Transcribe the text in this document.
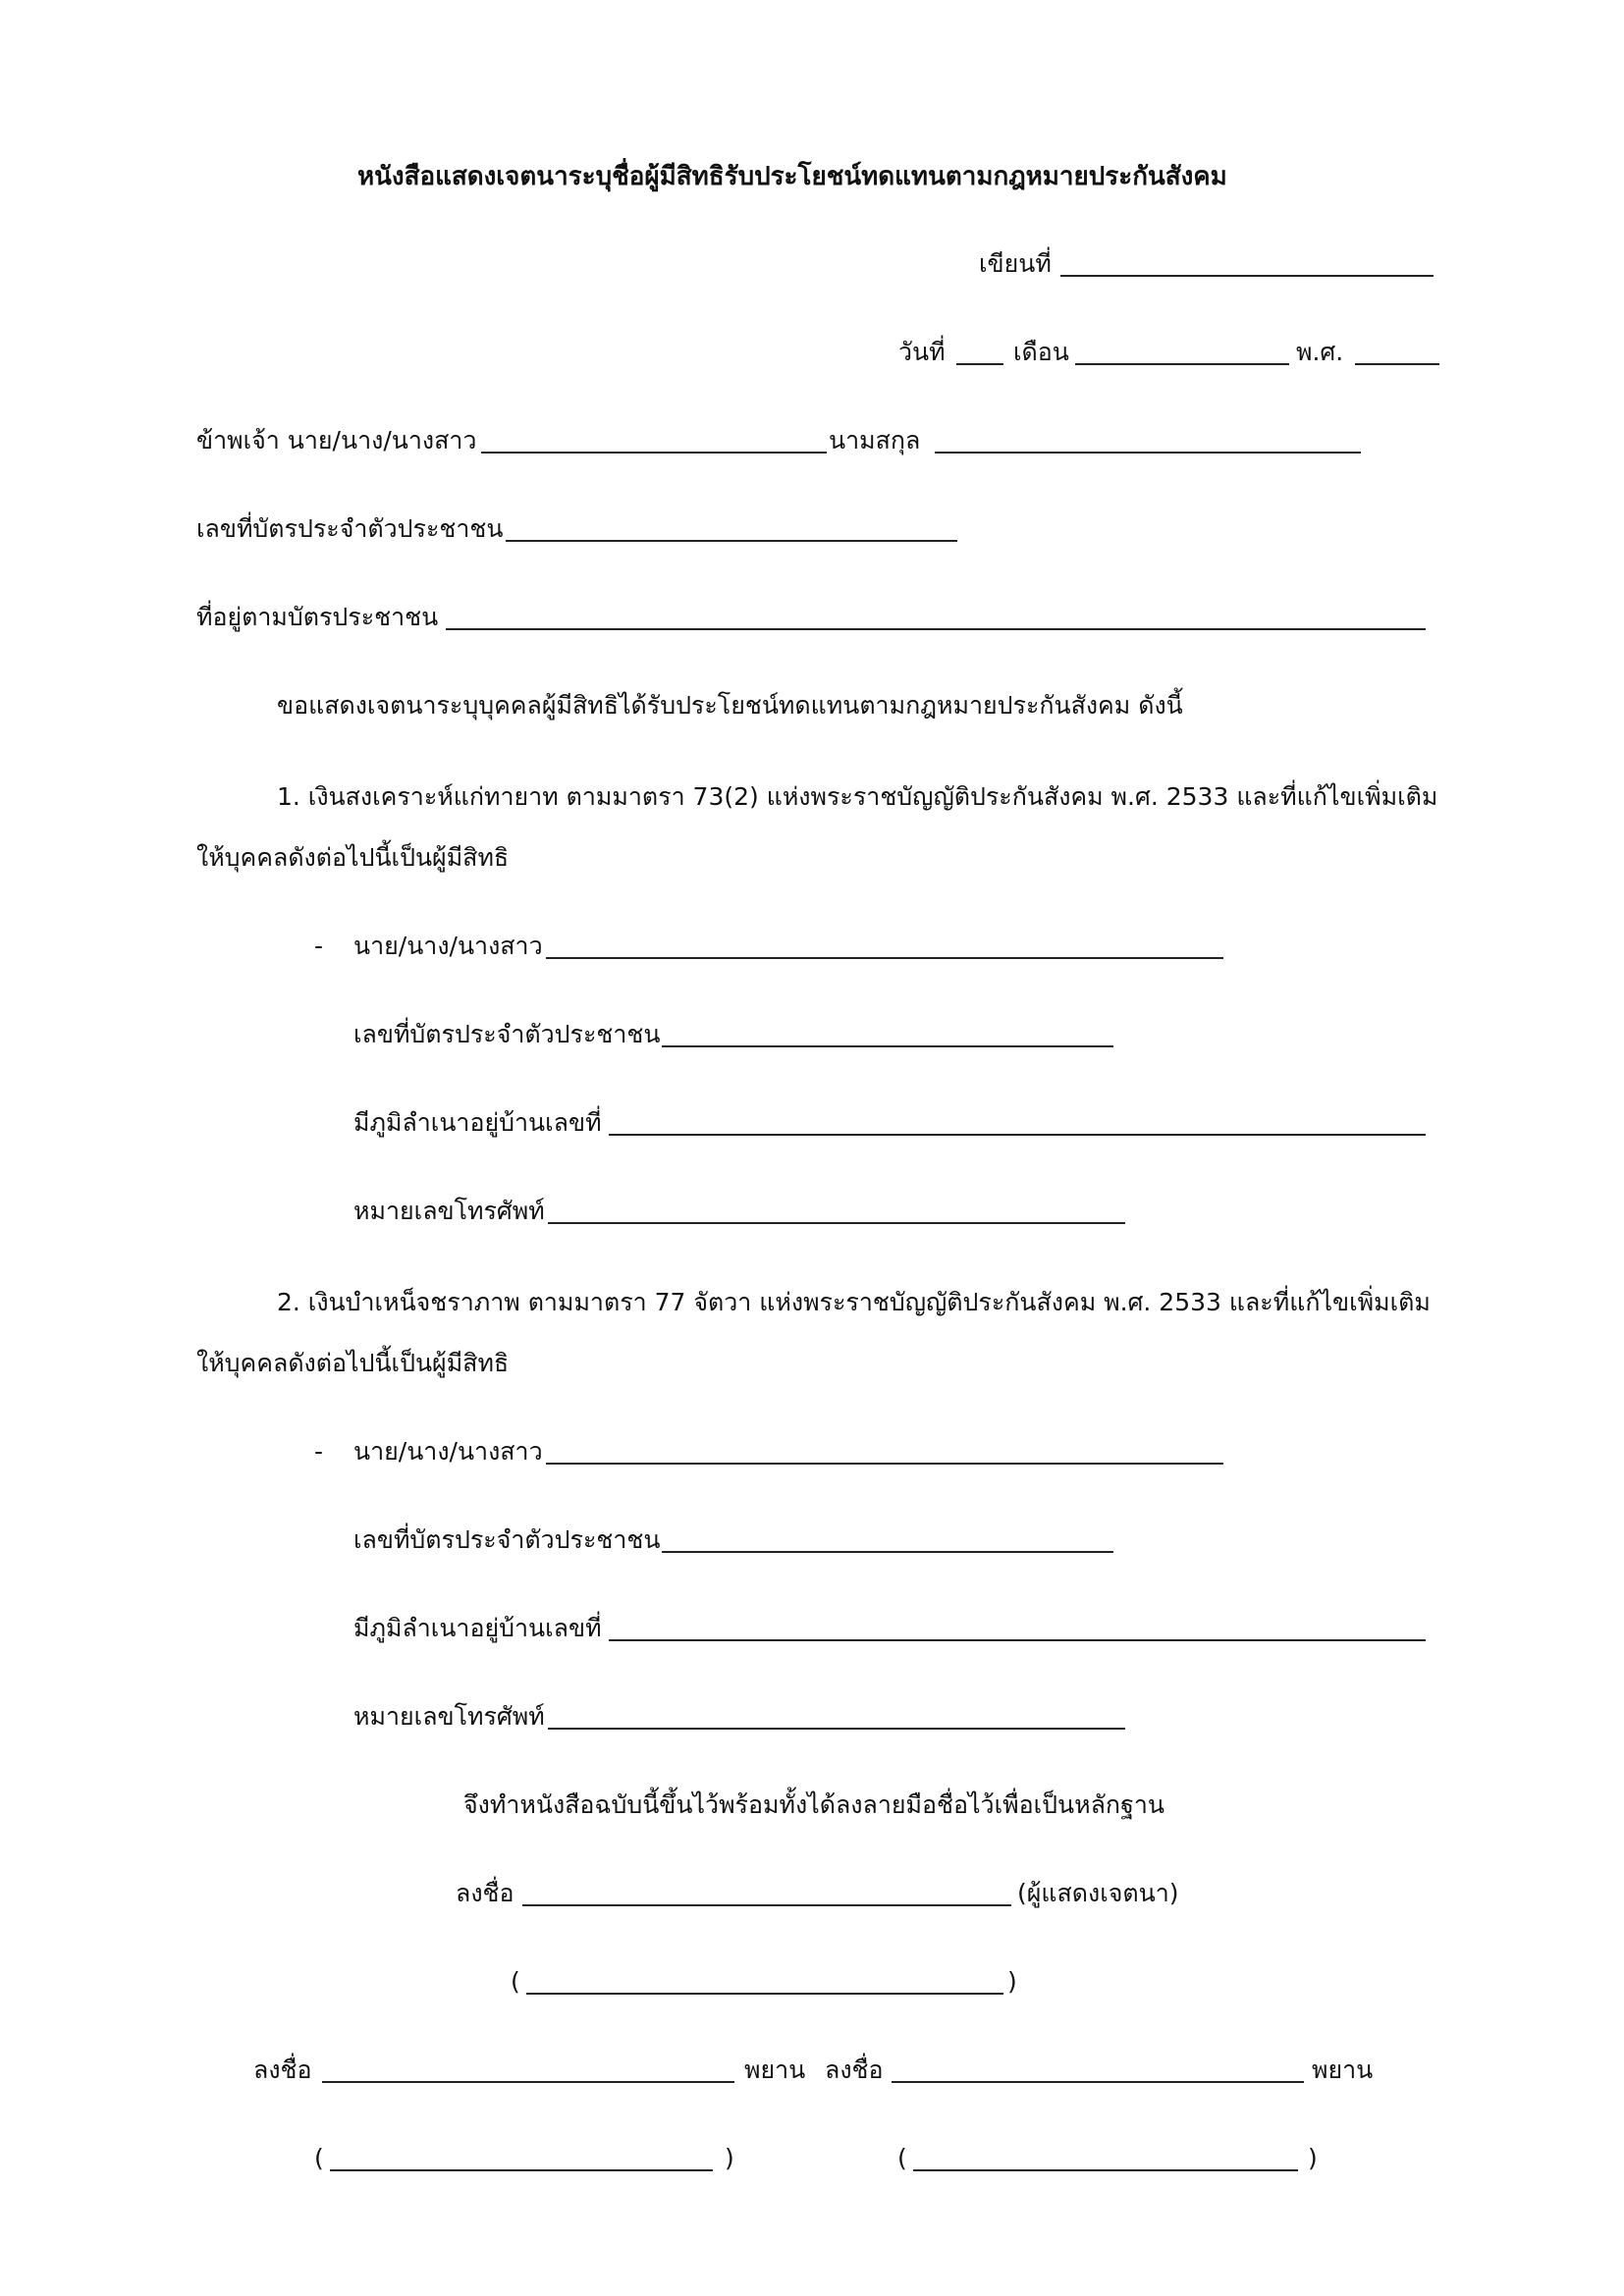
หนังสือแสดงเจตนาระบุชื่อผู้มีสิทธิรับประโยชน์ทดแทนตามกฎหมายประกันสังคม
เขียนที่
วันที่	เดือน	พ.ศ.
ข้าพเจ้า นาย/นาง/นางสาว	นามสกุล
เลขที่บัตรประจำตัวประชาชน
ที่อยู่ตามบัตรประชาชน
ขอแสดงเจตนาระบุบุคคลผู้มีสิทธิได้รับประโยชน์ทดแทนตามกฎหมายประกันสังคม ดังนี้
1. เงินสงเคราะห์แก่ทายาท ตามมาตรา 73(2) แห่งพระราชบัญญัติประกันสังคม พ.ศ. 2533 และที่แก้ไขเพิ่มเติม
ให้บุคคลดังต่อไปนี้เป็นผู้มีสิทธิ
- นาย/นาง/นางสาว
เลขที่บัตรประจำตัวประชาชน
มีภูมิลำเนาอยู่บ้านเลขที่
หมายเลขโทรศัพท์
2. เงินบำเหน็จชราภาพ ตามมาตรา 77 จัตวา แห่งพระราชบัญญัติประกันสังคม พ.ศ. 2533 และที่แก้ไขเพิ่มเติม
ให้บุคคลดังต่อไปนี้เป็นผู้มีสิทธิ
- นาย/นาง/นางสาว
เลขที่บัตรประจำตัวประชาชน
มีภูมิลำเนาอยู่บ้านเลขที่
หมายเลขโทรศัพท์
จึงทำหนังสือฉบับนี้ขึ้นไว้พร้อมทั้งได้ลงลายมือชื่อไว้เพื่อเป็นหลักฐาน
ลงชื่อ	(ผู้แสดงเจตนา)
(	)
ลงชื่อ	พยาน ลงชื่อ	พยาน
(	)	(	)
